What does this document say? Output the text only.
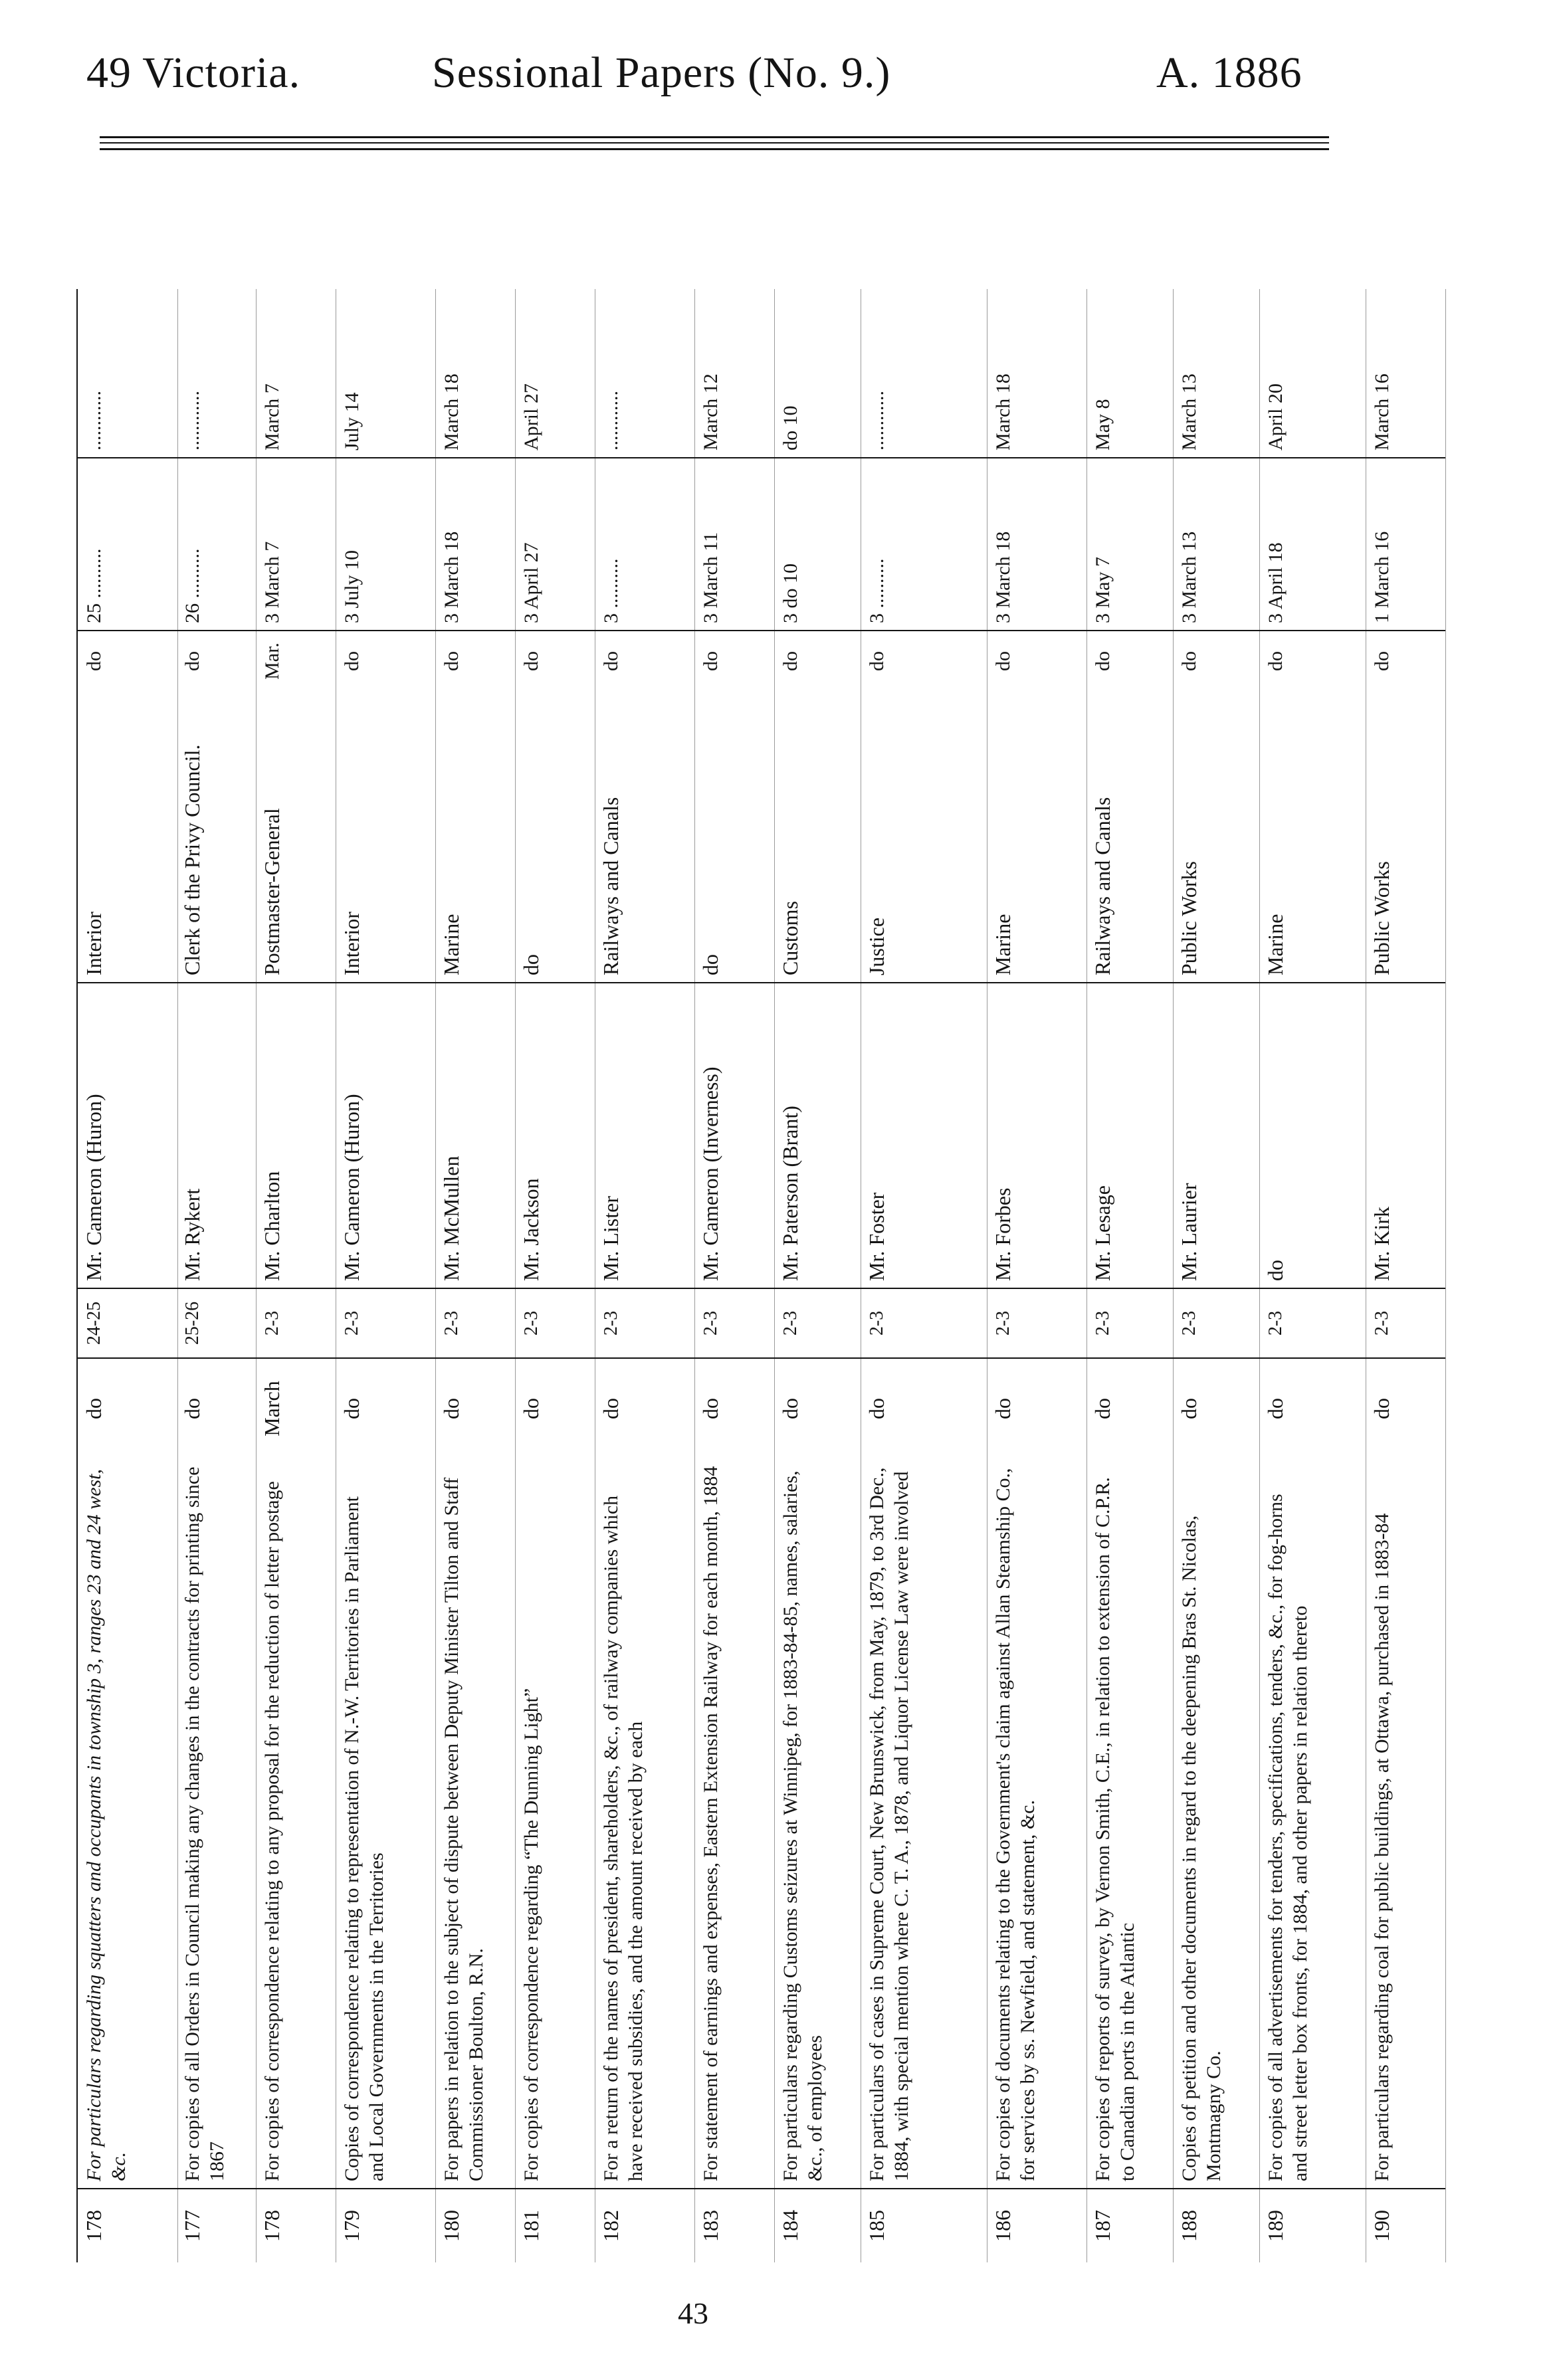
49 Victoria.	Sessional Papers (No. 9.)	A. 1886
178
For particulars regarding squatters and occupants in township 3, ranges 23 and 24 west, &c.
do
24-25
Mr. Cameron (Huron)
Interior
do
25 ..........
............
177
For copies of all Orders in Council making any changes in the contracts for printing since 1867
do
25-26
Mr. Rykert
Clerk of the Privy Council.
do
26 ..........
............
178
For copies of correspondence relating to any proposal for the reduction of letter postage
March
2-3
Mr. Charlton
Postmaster-General
Mar.
3 March 7
March 7
179
Copies of correspondence relating to representation of N.-W. Territories in Parliament and Local Governments in the Territories
do
2-3
Mr. Cameron (Huron)
Interior
do
3 July 10
July 14
180
For papers in relation to the subject of dispute between Deputy Minister Tilton and Staff Commissioner Boulton, R.N.
do
2-3
Mr. McMullen
Marine
do
3 March 18
March 18
181
For copies of correspondence regarding “The Dunning Light”
do
2-3
Mr. Jackson
do
do
3 April 27
April 27
182
For a return of the names of president, shareholders, &c., of railway companies which have received subsidies, and the amount received by each
do
2-3
Mr. Lister
Railways and Canals
do
3 ..........
............
183
For statement of earnings and expenses, Eastern Extension Railway for each month, 1884
do
2-3
Mr. Cameron (Inverness)
do
do
3 March 11
March 12
184
For particulars regarding Customs seizures at Winnipeg, for 1883-84-85, names, salaries, &c., of employees
do
2-3
Mr. Paterson (Brant)
Customs
do
3 do 10
do 10
185
For particulars of cases in Supreme Court, New Brunswick, from May, 1879, to 3rd Dec., 1884, with special mention where C. T. A., 1878, and Liquor License Law were involved
do
2-3
Mr. Foster
Justice
do
3 ..........
............
186
For copies of documents relating to the Government's claim against Allan Steamship Co., for services by ss. Newfield, and statement, &c.
do
2-3
Mr. Forbes
Marine
do
3 March 18
March 18
187
For copies of reports of survey, by Vernon Smith, C.E., in relation to extension of C.P.R. to Canadian ports in the Atlantic
do
2-3
Mr. Lesage
Railways and Canals
do
3 May 7
May 8
188
Copies of petition and other documents in regard to the deepening Bras St. Nicolas, Montmagny Co.
do
2-3
Mr. Laurier
Public Works
do
3 March 13
March 13
189
For copies of all advertisements for tenders, specifications, tenders, &c., for fog-horns and street letter box fronts, for 1884, and other papers in relation thereto
do
2-3
do
Marine
do
3 April 18
April 20
190
For particulars regarding coal for public buildings, at Ottawa, purchased in 1883-84
do
2-3
Mr. Kirk
Public Works
do
1 March 16
March 16
43
